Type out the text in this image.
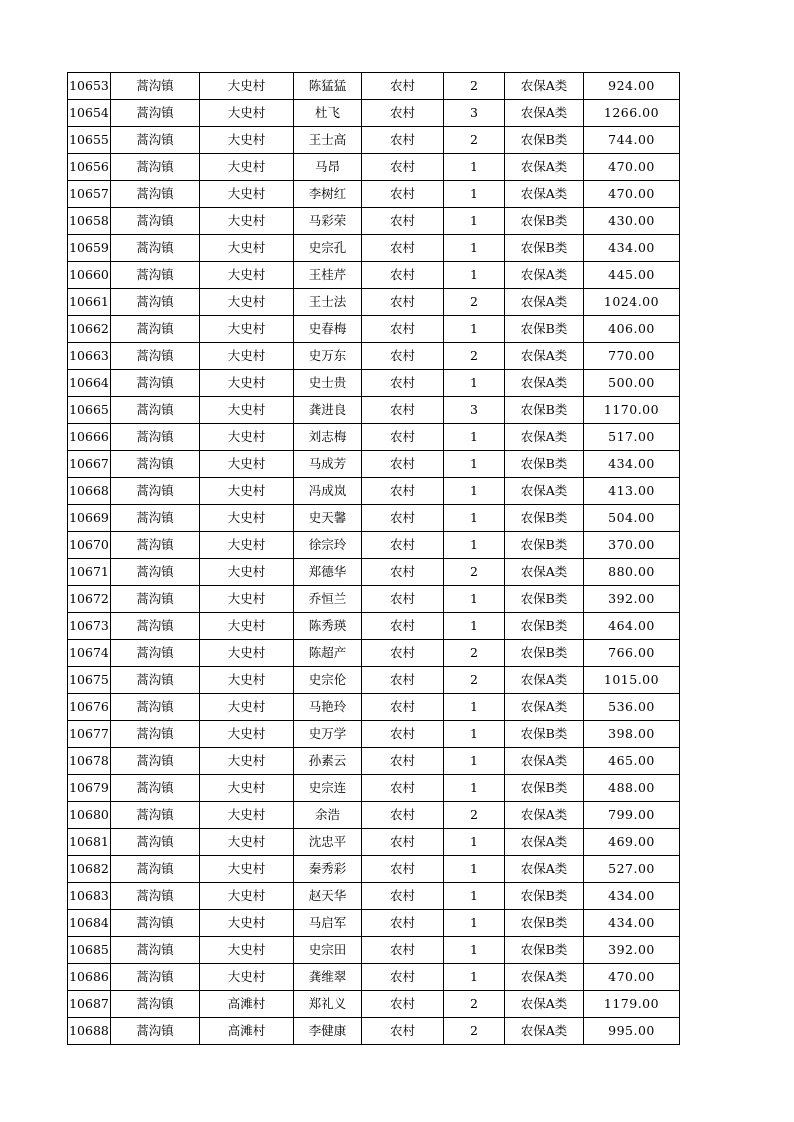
10653	蒿沟镇	大史村	陈猛猛	农村	2	农保A类	924.00
10654	蒿沟镇	大史村	杜飞	农村	3	农保A类	1266.00
10655	蒿沟镇	大史村	王士高	农村	2	农保B类	744.00
10656	蒿沟镇	大史村	马昂	农村	1	农保A类	470.00
10657	蒿沟镇	大史村	李树红	农村	1	农保A类	470.00
10658	蒿沟镇	大史村	马彩荣	农村	1	农保B类	430.00
10659	蒿沟镇	大史村	史宗孔	农村	1	农保B类	434.00
10660	蒿沟镇	大史村	王桂芹	农村	1	农保A类	445.00
10661	蒿沟镇	大史村	王士法	农村	2	农保A类	1024.00
10662	蒿沟镇	大史村	史春梅	农村	1	农保B类	406.00
10663	蒿沟镇	大史村	史万东	农村	2	农保A类	770.00
10664	蒿沟镇	大史村	史士贵	农村	1	农保A类	500.00
10665	蒿沟镇	大史村	龚进良	农村	3	农保B类	1170.00
10666	蒿沟镇	大史村	刘志梅	农村	1	农保A类	517.00
10667	蒿沟镇	大史村	马成芳	农村	1	农保B类	434.00
10668	蒿沟镇	大史村	冯成岚	农村	1	农保A类	413.00
10669	蒿沟镇	大史村	史天馨	农村	1	农保B类	504.00
10670	蒿沟镇	大史村	徐宗玲	农村	1	农保B类	370.00
10671	蒿沟镇	大史村	郑德华	农村	2	农保A类	880.00
10672	蒿沟镇	大史村	乔恒兰	农村	1	农保B类	392.00
10673	蒿沟镇	大史村	陈秀瑛	农村	1	农保B类	464.00
10674	蒿沟镇	大史村	陈超产	农村	2	农保B类	766.00
10675	蒿沟镇	大史村	史宗伦	农村	2	农保A类	1015.00
10676	蒿沟镇	大史村	马艳玲	农村	1	农保A类	536.00
10677	蒿沟镇	大史村	史万学	农村	1	农保B类	398.00
10678	蒿沟镇	大史村	孙素云	农村	1	农保A类	465.00
10679	蒿沟镇	大史村	史宗连	农村	1	农保B类	488.00
10680	蒿沟镇	大史村	余浩	农村	2	农保A类	799.00
10681	蒿沟镇	大史村	沈忠平	农村	1	农保A类	469.00
10682	蒿沟镇	大史村	秦秀彩	农村	1	农保A类	527.00
10683	蒿沟镇	大史村	赵天华	农村	1	农保B类	434.00
10684	蒿沟镇	大史村	马启军	农村	1	农保B类	434.00
10685	蒿沟镇	大史村	史宗田	农村	1	农保B类	392.00
10686	蒿沟镇	大史村	龚维翠	农村	1	农保A类	470.00
10687	蒿沟镇	高滩村	郑礼义	农村	2	农保A类	1179.00
10688	蒿沟镇	高滩村	李健康	农村	2	农保A类	995.00
